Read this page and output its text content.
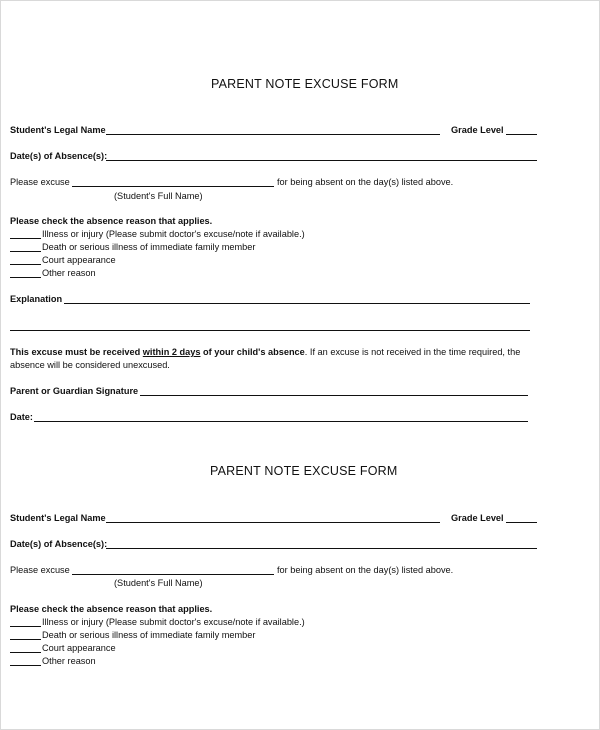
PARENT NOTE EXCUSE FORM
Student's Legal Name	Grade Level
Date(s) of Absence(s):
Please excuse	for being absent on the day(s) listed above.
(Student's Full Name)
Please check the absence reason that applies.
Illness or injury (Please submit doctor's excuse/note if available.)
Death or serious illness of immediate family member
Court appearance
Other reason
Explanation
This excuse must be received within 2 days of your child's absence. If an excuse is not received in the time required, the
absence will be considered unexcused.
Parent or Guardian Signature
Date:
PARENT NOTE EXCUSE FORM
Student's Legal Name	Grade Level
Date(s) of Absence(s):
Please excuse	for being absent on the day(s) listed above.
(Student's Full Name)
Please check the absence reason that applies.
Illness or injury (Please submit doctor's excuse/note if available.)
Death or serious illness of immediate family member
Court appearance
Other reason
